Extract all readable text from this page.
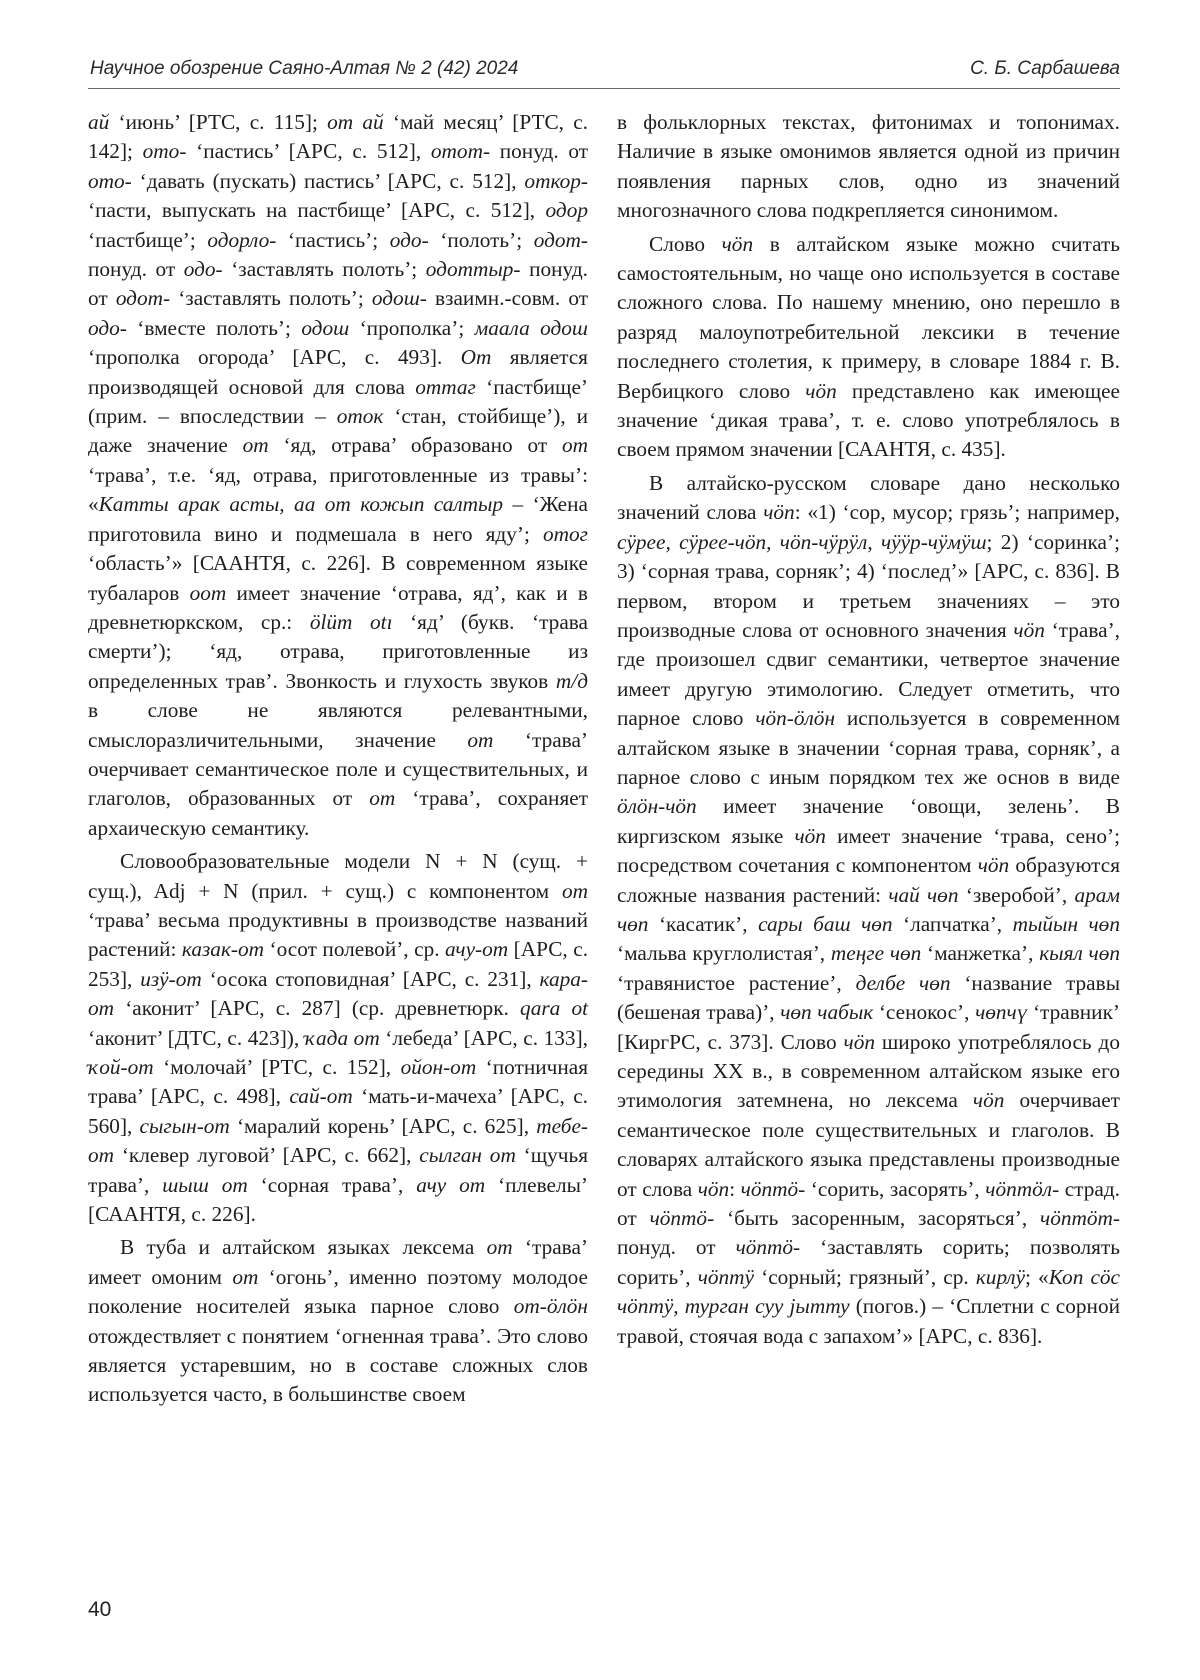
Научное обозрение Саяно-Алтая № 2 (42) 2024	С. Б. Сарбашева

ай ‘июнь’ [РТС, с. 115]; от ай ‘май месяц’ [РТС, с. 142]; ото- ‘пастись’ [АРС, с. 512], отот- понуд. от ото- ‘давать (пускать) пастись’ [АРС, с. 512], откор- ‘пасти, выпускать на пастбище’ [АРС, с. 512], одор ‘пастбище’; одорло- ‘пастись’; одо- ‘полоть’; одот- понуд. от одо- ‘заставлять полоть’; одоттыр- понуд. от одот- ‘заставлять полоть’; одош- взаимн.-совм. от одо- ‘вместе полоть’; одош ‘прополка’; маала одош ‘прополка огорода’ [АРС, с. 493]. От является производящей основой для слова оттаг ‘пастбище’ (прим. – впоследствии – оток ‘стан, стойбище’), и даже значение от ‘яд, отрава’ образовано от от ‘трава’, т.е. ‘яд, отрава, приготовленные из травы’: «Катты арак асты, аа от кожып салтыр – ‘Жена приготовила вино и подмешала в него яду’; отог ‘область’» [СААНТЯ, с. 226]. В современном языке тубаларов оот имеет значение ‘отрава, яд’, как и в древнетюркском, ср.: ölüm otı ‘яд’ (букв. ‘трава смерти’); ‘яд, отрава, приготовленные из определенных трав’. Звонкость и глухость звуков т/д в слове не являются релевантными, смыслоразличительными, значение от ‘трава’ очерчивает семантическое поле и существительных, и глаголов, образованных от от ‘трава’, сохраняет архаическую семантику.

Словообразовательные модели N + N (сущ. + сущ.), Adj + N (прил. + сущ.) с компонентом от ‘трава’ весьма продуктивны в производстве названий растений: казак-от ‘осот полевой’, ср. ачу-от [АРС, с. 253], изӱ-от ‘осока стоповидная’ [АРС, с. 231], кара-от ‘аконит’ [АРС, с. 287] (ср. древнетюрк. qara ot ‘аконит’ [ДТС, с. 423]), ҡада от ‘лебеда’ [АРС, с. 133], ҡой-от ‘молочай’ [РТС, с. 152], ойон-от ‘потничная трава’ [АРС, с. 498], сай-от ‘мать-и-мачеха’ [АРС, с. 560], сыгын-от ‘маралий корень’ [АРС, с. 625], тебе-от ‘клевер луговой’ [АРС, с. 662], сылган от ‘щучья трава’, шыш от ‘сорная трава’, ачу от ‘плевелы’ [СААНТЯ, с. 226].

В туба и алтайском языках лексема от ‘трава’ имеет омоним от ‘огонь’, именно поэтому молодое поколение носителей языка парное слово от-ӧлӧн отождествляет с понятием ‘огненная трава’. Это слово является устаревшим, но в составе сложных слов используется часто, в большинстве своем

в фольклорных текстах, фитонимах и топонимах. Наличие в языке омонимов является одной из причин появления парных слов, одно из значений многозначного слова подкрепляется синонимом.

Слово чӧп в алтайском языке можно считать самостоятельным, но чаще оно используется в составе сложного слова. По нашему мнению, оно перешло в разряд малоупотребительной лексики в течение последнего столетия, к примеру, в словаре 1884 г. В. Вербицкого слово чӧп представлено как имеющее значение ‘дикая трава’, т. е. слово употреблялось в своем прямом значении [СААНТЯ, с. 435].

В алтайско-русском словаре дано несколько значений слова чӧп: «1) ‘сор, мусор; грязь’; например, сӱрее, сӱрее-чӧп, чӧп-чӱрӱл, чӱӱр-чӱмӱш; 2) ‘соринка’; 3) ‘сорная трава, сорняк’; 4) ‘послед’» [АРС, с. 836]. В первом, втором и третьем значениях – это производные слова от основного значения чӧп ‘трава’, где произошел сдвиг семантики, четвертое значение имеет другую этимологию. Следует отметить, что парное слово чӧп-ӧлӧн используется в современном алтайском языке в значении ‘сорная трава, сорняк’, а парное слово с иным порядком тех же основ в виде ӧлӧн-чӧп имеет значение ‘овощи, зелень’. В киргизском языке чӧп имеет значение ‘трава, сено’; посредством сочетания с компонентом чӧп образуются сложные названия растений: чай чөп ‘зверобой’, арам чөп ‘касатик’, сары баш чөп ‘лапчатка’, тыйын чөп ‘мальва круглолистая’, теңге чөп ‘манжетка’, кыял чөп ‘травянистое растение’, делбе чөп ‘название травы (бешеная трава)’, чөп чабык ‘сенокос’, чөпчү ‘травник’ [КиргРС, с. 373]. Слово чӧп широко употреблялось до середины XX в., в современном алтайском языке его этимология затемнена, но лексема чӧп очерчивает семантическое поле существительных и глаголов. В словарях алтайского языка представлены производные от слова чӧп: чӧптӧ- ‘сорить, засорять’, чӧптӧл- страд. от чӧптӧ- ‘быть засоренным, засоряться’, чӧптӧт- понуд. от чӧптӧ- ‘заставлять сорить; позволять сорить’, чӧптӱ ‘сорный; грязный’, ср. кирлӱ; «Коп сӧс чӧптӱ, турган суу jытту (погов.) – ‘Сплетни с сорной травой, стоячая вода с запахом’» [АРС, с. 836].

40
